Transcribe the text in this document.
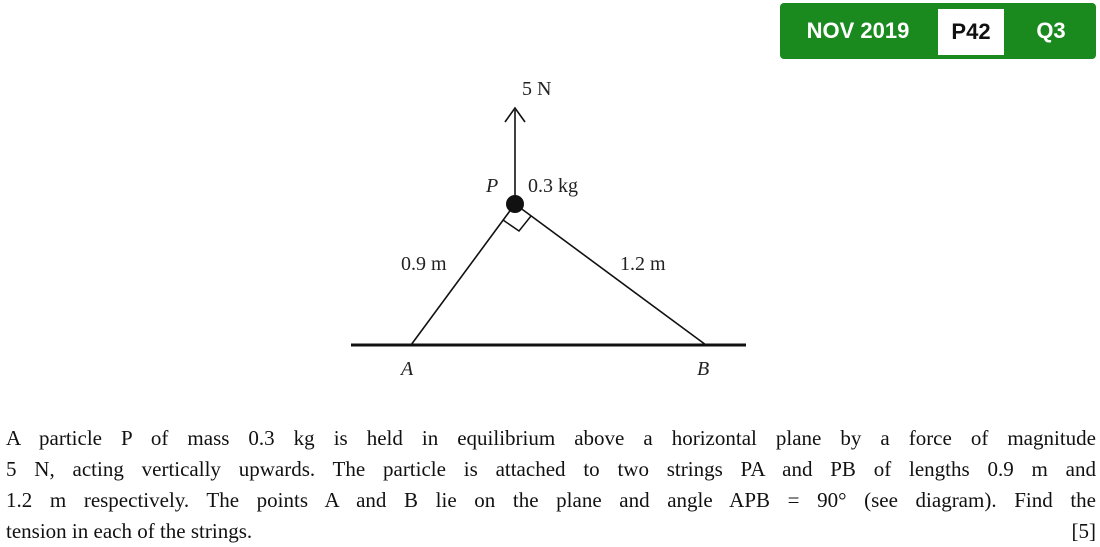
NOV 2019	P42	Q3
5 N
P 0.3 kg
0.9 m	1.2 m
A	B
A particle P of mass 0.3 kg is held in equilibrium above a horizontal plane by a force of magnitude
5 N, acting vertically upwards. The particle is attached to two strings PA and PB of lengths 0.9 m and
1.2 m respectively. The points A and B lie on the plane and angle APB = 90° (see diagram). Find the
tension in each of the strings.	[5]
